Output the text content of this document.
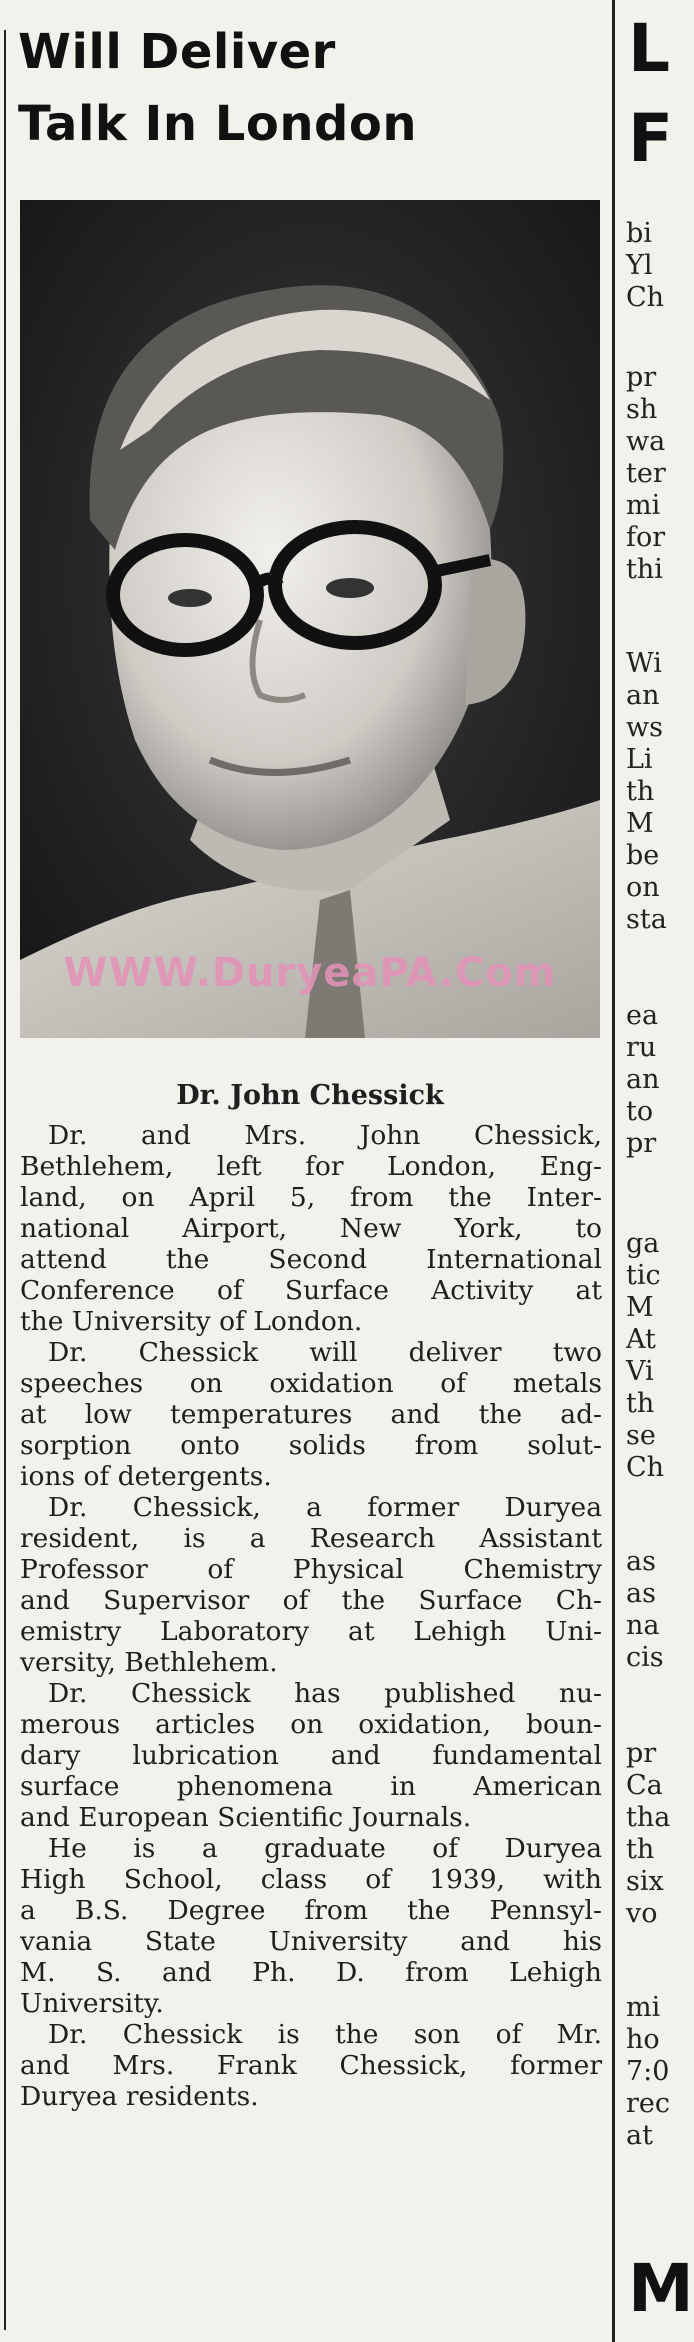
Will Deliver
Talk In London
WWW.DuryeaPA.Com
Dr. John Chessick
Dr. and Mrs. John Chessick,
Bethlehem, left for London, Eng-
land, on April 5, from the Inter-
national Airport, New York, to
attend the Second International
Conference of Surface Activity at
the University of London.
Dr. Chessick will deliver two
speeches on oxidation of metals
at low temperatures and the ad-
sorption onto solids from solut-
ions of detergents.
Dr. Chessick, a former Duryea
resident, is a Research Assistant
Professor of Physical Chemistry
and Supervisor of the Surface Ch-
emistry Laboratory at Lehigh Uni-
versity, Bethlehem.
Dr. Chessick has published nu-
merous articles on oxidation, boun-
dary lubrication and fundamental
surface phenomena in American
and European Scientific Journals.
He is a graduate of Duryea
High School, class of 1939, with
a B.S. Degree from the Pennsyl-
vania State University and his
M. S. and Ph. D. from Lehigh
University.
Dr. Chessick is the son of Mr.
and Mrs. Frank Chessick, former
Duryea residents.
L
F
bi
Yl
Ch
pr
sh
wa
ter
mi
for
thi
Wi
an
ws
Li
th
M
be
on
sta
ea
ru
an
to
pr
ga
tic
M
At
Vi
th
se
Ch
as
as
na
cis
pr
Ca
tha
th
six
vo
mi
ho
7:0
rec
at
M
